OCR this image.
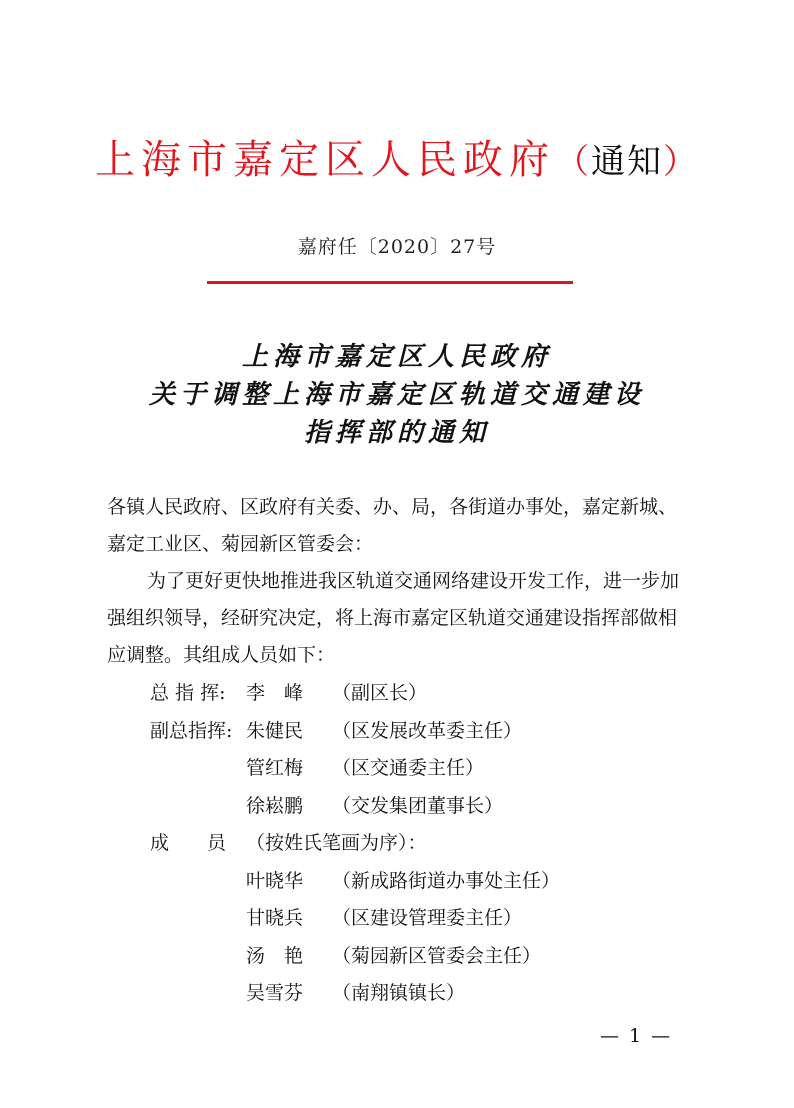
上海市嘉定区人民政府（通知）
嘉府任〔2020〕27号
上海市嘉定区人民政府
关于调整上海市嘉定区轨道交通建设
指挥部的通知
各镇人民政府、区政府有关委、办、局，各街道办事处，嘉定新城、嘉定工业区、菊园新区管委会：
为了更好更快地推进我区轨道交通网络建设开发工作，进一步加强组织领导，经研究决定，将上海市嘉定区轨道交通建设指挥部做相应调整。其组成人员如下：
总 指 挥:	李　峰	（副区长）
副总指挥: 朱健民	（区发展改革委主任）
管红梅	（区交通委主任）
徐崧鹏	（交发集团董事长）
成　　员	（按姓氏笔画为序）：
叶晓华	（新成路街道办事处主任）
甘晓兵	（区建设管理委主任）
汤　艳	（菊园新区管委会主任）
吴雪芬	（南翔镇镇长）
— 1 —
